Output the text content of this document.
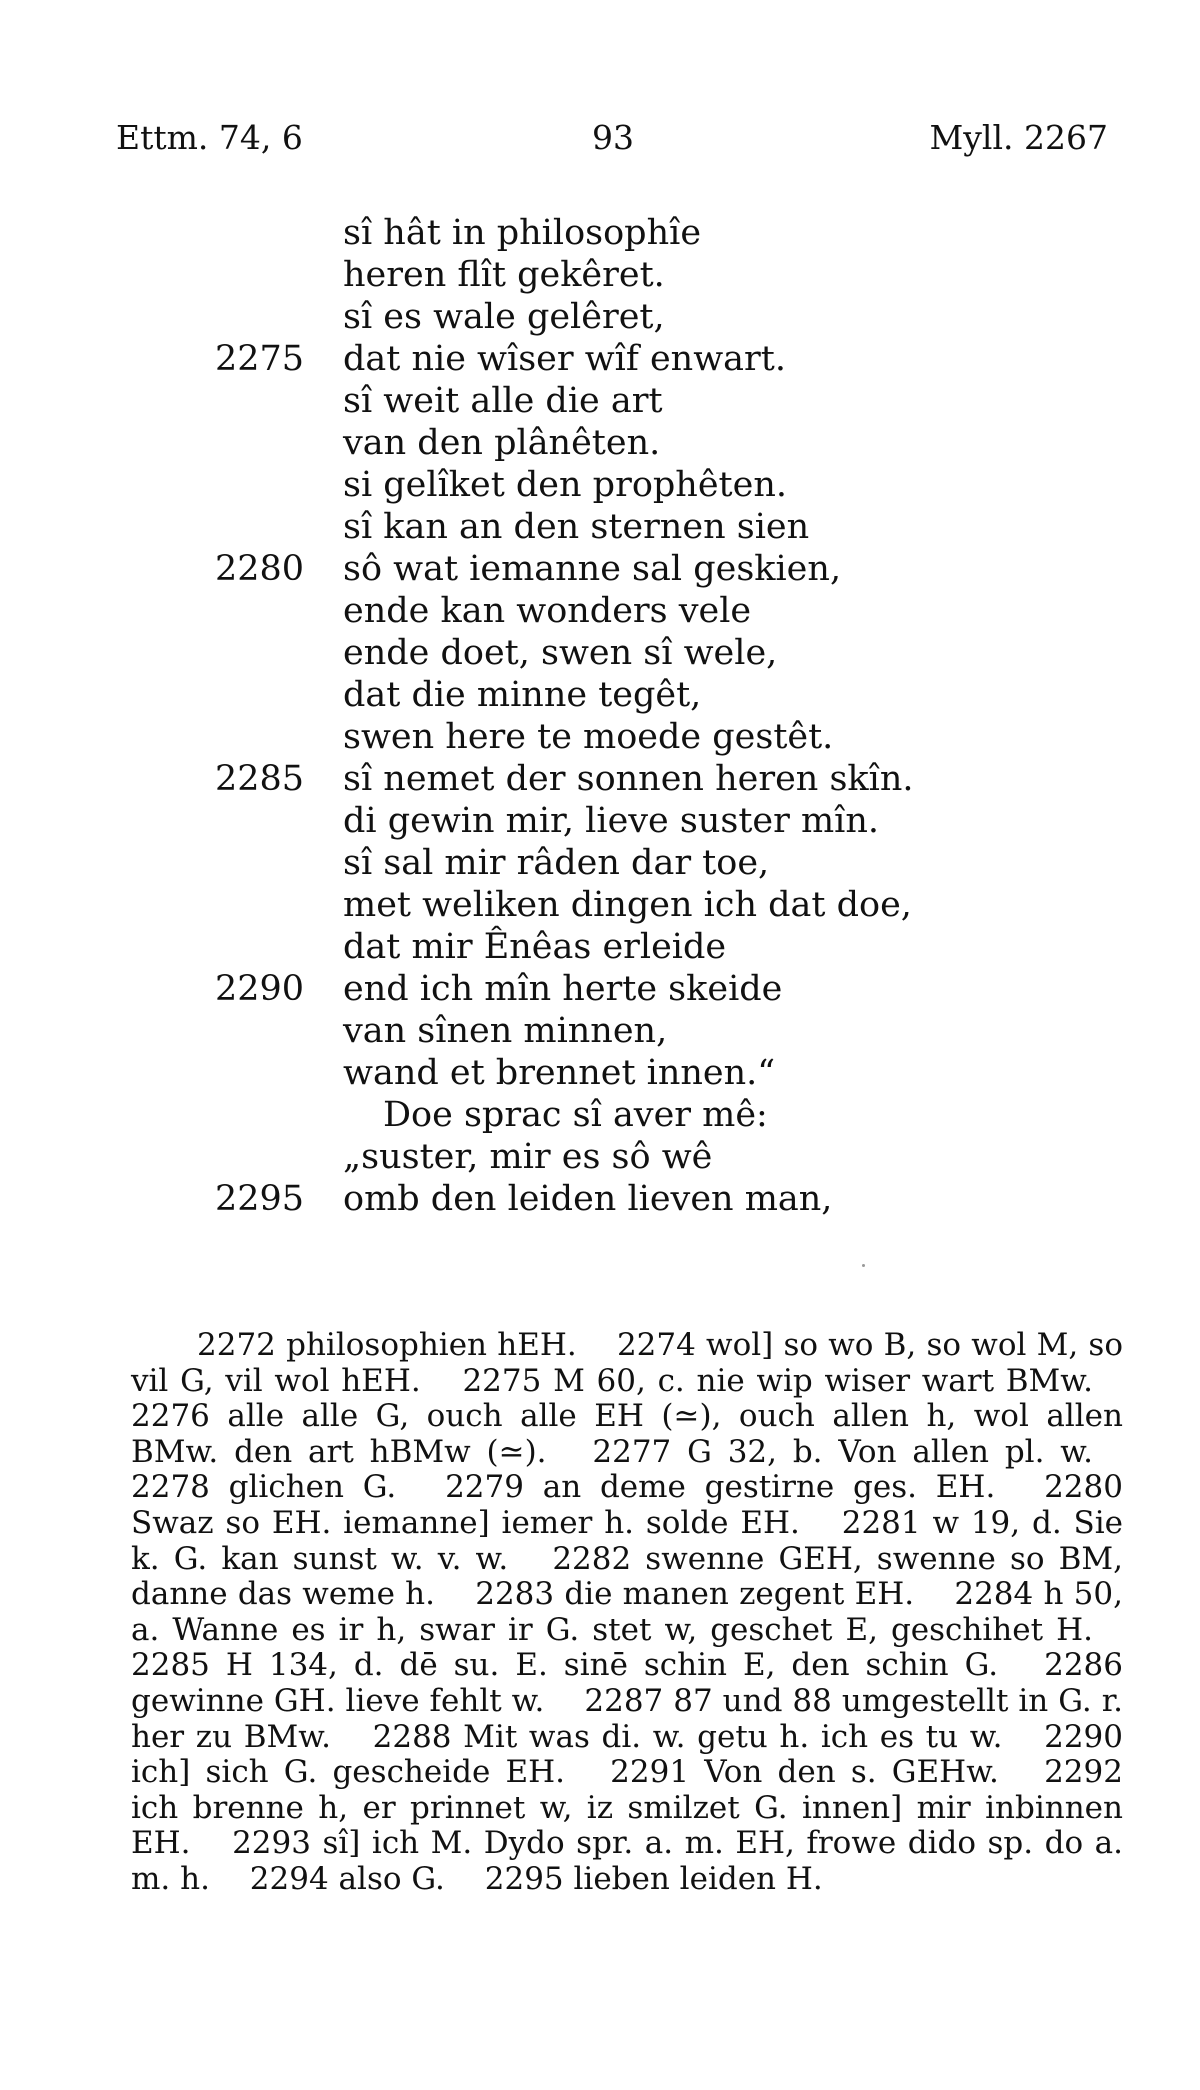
Ettm. 74, 6	93	Myll. 2267
sî hât in philosophîe
heren flît gekêret.
sî es wale gelêret,
2275	dat nie wîser wîf enwart.
sî weit alle die art
van den plânêten.
si gelîket den prophêten.
sî kan an den sternen sien
2280	sô wat iemanne sal geskien,
ende kan wonders vele
ende doet, swen sî wele,
dat die minne tegêt,
swen here te moede gestêt.
2285	sî nemet der sonnen heren skîn.
di gewin mir, lieve suster mîn.
sî sal mir râden dar toe,
met weliken dingen ich dat doe,
dat mir Ênêas erleide
2290	end ich mîn herte skeide
van sînen minnen,
wand et brennet innen.“
Doe sprac sî aver mê:
„suster, mir es sô wê
2295	omb den leiden lieven man,
2272 philosophien hEH. 2274 wol] so wo B, so wol M, so vil G, vil wol hEH. 2275 M 60, c. nie wip wiser wart BMw. 2276 alle alle G, ouch alle EH (≃), ouch allen h, wol allen BMw. den art hBMw (≃). 2277 G 32, b. Von allen pl. w. 2278 glichen G. 2279 an deme gestirne ges. EH. 2280 Swaz so EH. iemanne] iemer h. solde EH. 2281 w 19, d. Sie k. G. kan sunst w. v. w. 2282 swenne GEH, swenne so BM, danne das weme h. 2283 die manen zegent EH. 2284 h 50, a. Wanne es ir h, swar ir G. stet w, geschet E, geschihet H. 2285 H 134, d. dē su. E. sinē schin E, den schin G. 2286 gewinne GH. lieve fehlt w. 2287 87 und 88 umgestellt in G. r. her zu BMw. 2288 Mit was di. w. getu h. ich es tu w. 2290 ich] sich G. gescheide EH. 2291 Von den s. GEHw. 2292 ich brenne h, er prinnet w, iz smilzet G. innen] mir inbinnen EH. 2293 sî] ich M. Dydo spr. a. m. EH, frowe dido sp. do a. m. h. 2294 also G. 2295 lieben leiden H.
